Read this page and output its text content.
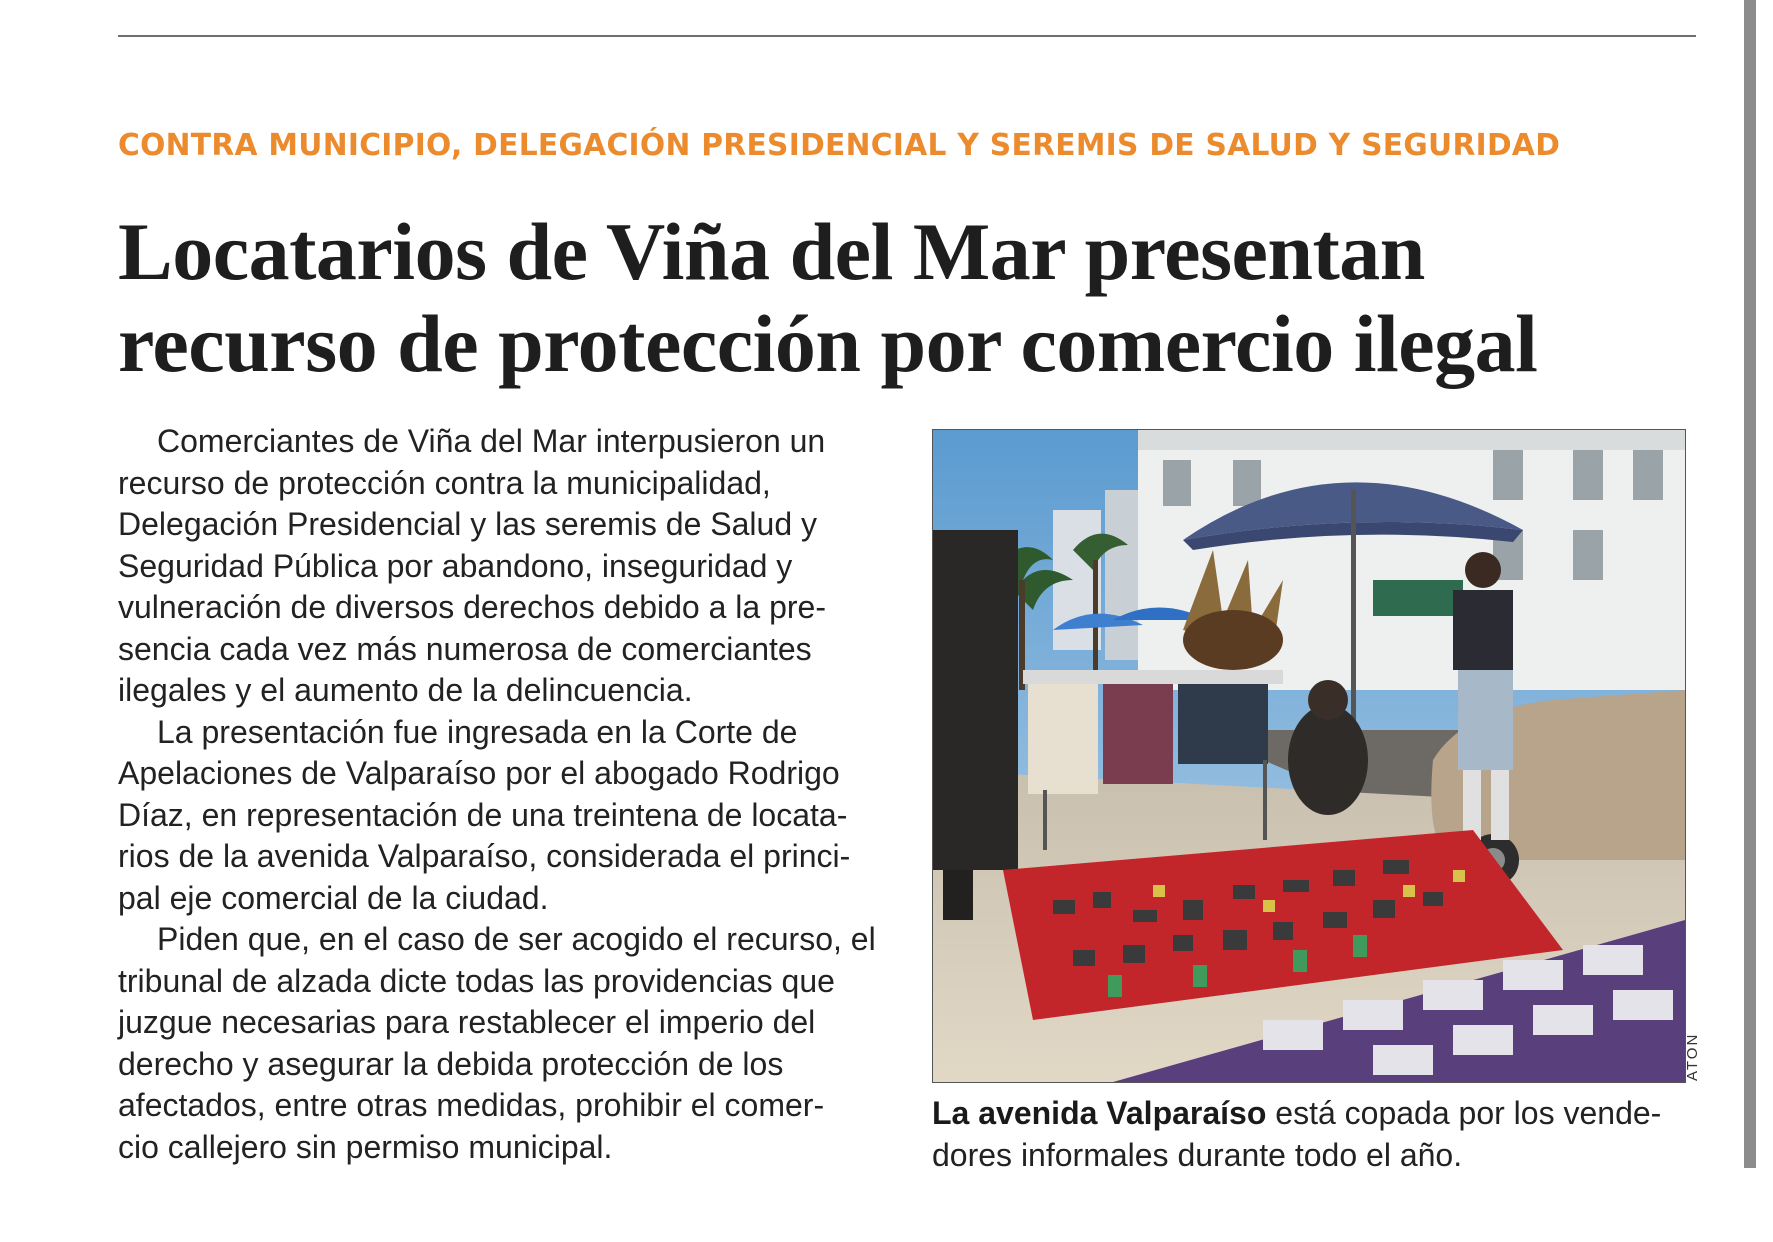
CONTRA MUNICIPIO, DELEGACIÓN PRESIDENCIAL Y SEREMIS DE SALUD Y SEGURIDAD
Locatarios de Viña del Mar presentan
recurso de protección por comercio ilegal
Comerciantes de Viña del Mar interpusieron un
recurso de protección contra la municipalidad,
Delegación Presidencial y las seremis de Salud y
Seguridad Pública por abandono, inseguridad y
vulneración de diversos derechos debido a la pre-
sencia cada vez más numerosa de comerciantes
ilegales y el aumento de la delincuencia.
La presentación fue ingresada en la Corte de
Apelaciones de Valparaíso por el abogado Rodrigo
Díaz, en representación de una treintena de locata-
rios de la avenida Valparaíso, considerada el princi-
pal eje comercial de la ciudad.
Piden que, en el caso de ser acogido el recurso, el
tribunal de alzada dicte todas las providencias que
juzgue necesarias para restablecer el imperio del
derecho y asegurar la debida protección de los
afectados, entre otras medidas, prohibir el comer-
cio callejero sin permiso municipal.
ATON
La avenida Valparaíso está copada por los vende-
dores informales durante todo el año.
